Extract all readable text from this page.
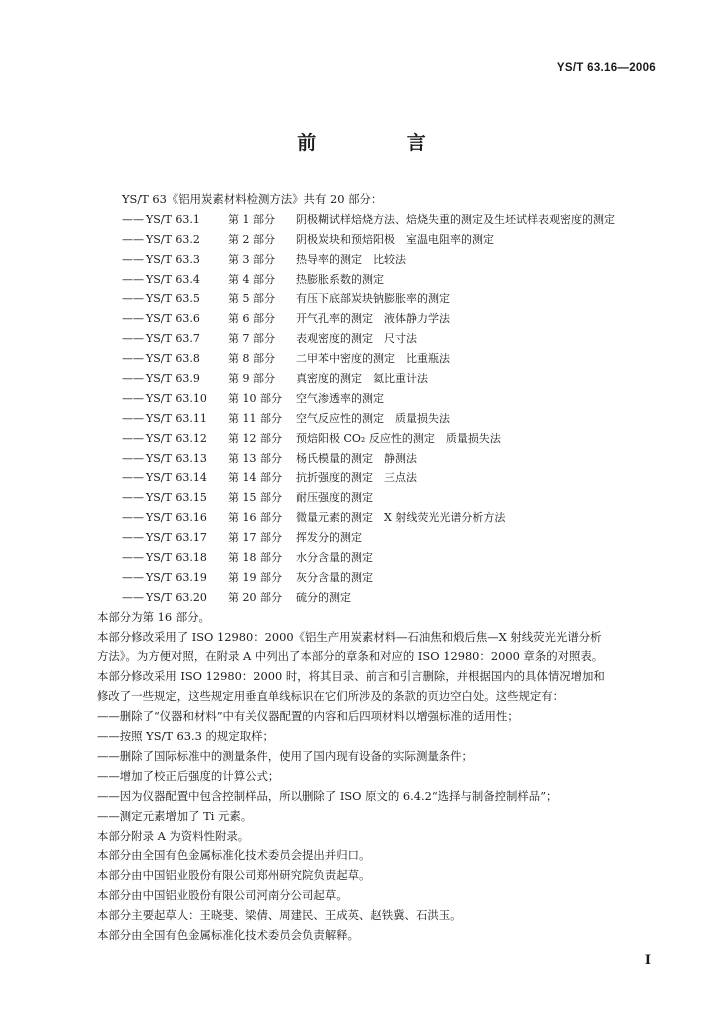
YS/T 63.16—2006
前 言
YS/T 63《铝用炭素材料检测方法》共有 20 部分：
—— YS/T 63.1	第 1 部分	阴极糊试样焙烧方法、焙烧失重的测定及生坯试样表观密度的测定
—— YS/T 63.2	第 2 部分	阴极炭块和预焙阳极　室温电阻率的测定
—— YS/T 63.3	第 3 部分	热导率的测定　比较法
—— YS/T 63.4	第 4 部分	热膨胀系数的测定
—— YS/T 63.5	第 5 部分	有压下底部炭块钠膨胀率的测定
—— YS/T 63.6	第 6 部分	开气孔率的测定　液体静力学法
—— YS/T 63.7	第 7 部分	表观密度的测定　尺寸法
—— YS/T 63.8	第 8 部分	二甲苯中密度的测定　比重瓶法
—— YS/T 63.9	第 9 部分	真密度的测定　氦比重计法
—— YS/T 63.10	第 10 部分	空气渗透率的测定
—— YS/T 63.11	第 11 部分	空气反应性的测定　质量损失法
—— YS/T 63.12	第 12 部分	预焙阳极 CO₂ 反应性的测定　质量损失法
—— YS/T 63.13	第 13 部分	杨氏模量的测定　静测法
—— YS/T 63.14	第 14 部分	抗折强度的测定　三点法
—— YS/T 63.15	第 15 部分	耐压强度的测定
—— YS/T 63.16	第 16 部分	微量元素的测定　X 射线荧光光谱分析方法
—— YS/T 63.17	第 17 部分	挥发分的测定
—— YS/T 63.18	第 18 部分	水分含量的测定
—— YS/T 63.19	第 19 部分	灰分含量的测定
—— YS/T 63.20	第 20 部分	硫分的测定
本部分为第 16 部分。
本部分修改采用了 ISO 12980：2000《铝生产用炭素材料—石油焦和煅后焦—X 射线荧光光谱分析
方法》。为方便对照，在附录 A 中列出了本部分的章条和对应的 ISO 12980：2000 章条的对照表。
本部分修改采用 ISO 12980：2000 时，将其目录、前言和引言删除，并根据国内的具体情况增加和
修改了一些规定，这些规定用垂直单线标识在它们所涉及的条款的页边空白处。这些规定有：
——删除了“仪器和材料”中有关仪器配置的内容和后四项材料以增强标准的适用性；
——按照 YS/T 63.3 的规定取样；
——删除了国际标准中的测量条件，使用了国内现有设备的实际测量条件；
——增加了校正后强度的计算公式；
——因为仪器配置中包含控制样品，所以删除了 ISO 原文的 6.4.2“选择与制备控制样品”；
——测定元素增加了 Ti 元素。
本部分附录 A 为资料性附录。
本部分由全国有色金属标准化技术委员会提出并归口。
本部分由中国铝业股份有限公司郑州研究院负责起草。
本部分由中国铝业股份有限公司河南分公司起草。
本部分主要起草人：王晓斐、梁倩、周建民、王成英、赵铁冀、石洪玉。
本部分由全国有色金属标准化技术委员会负责解释。
I
